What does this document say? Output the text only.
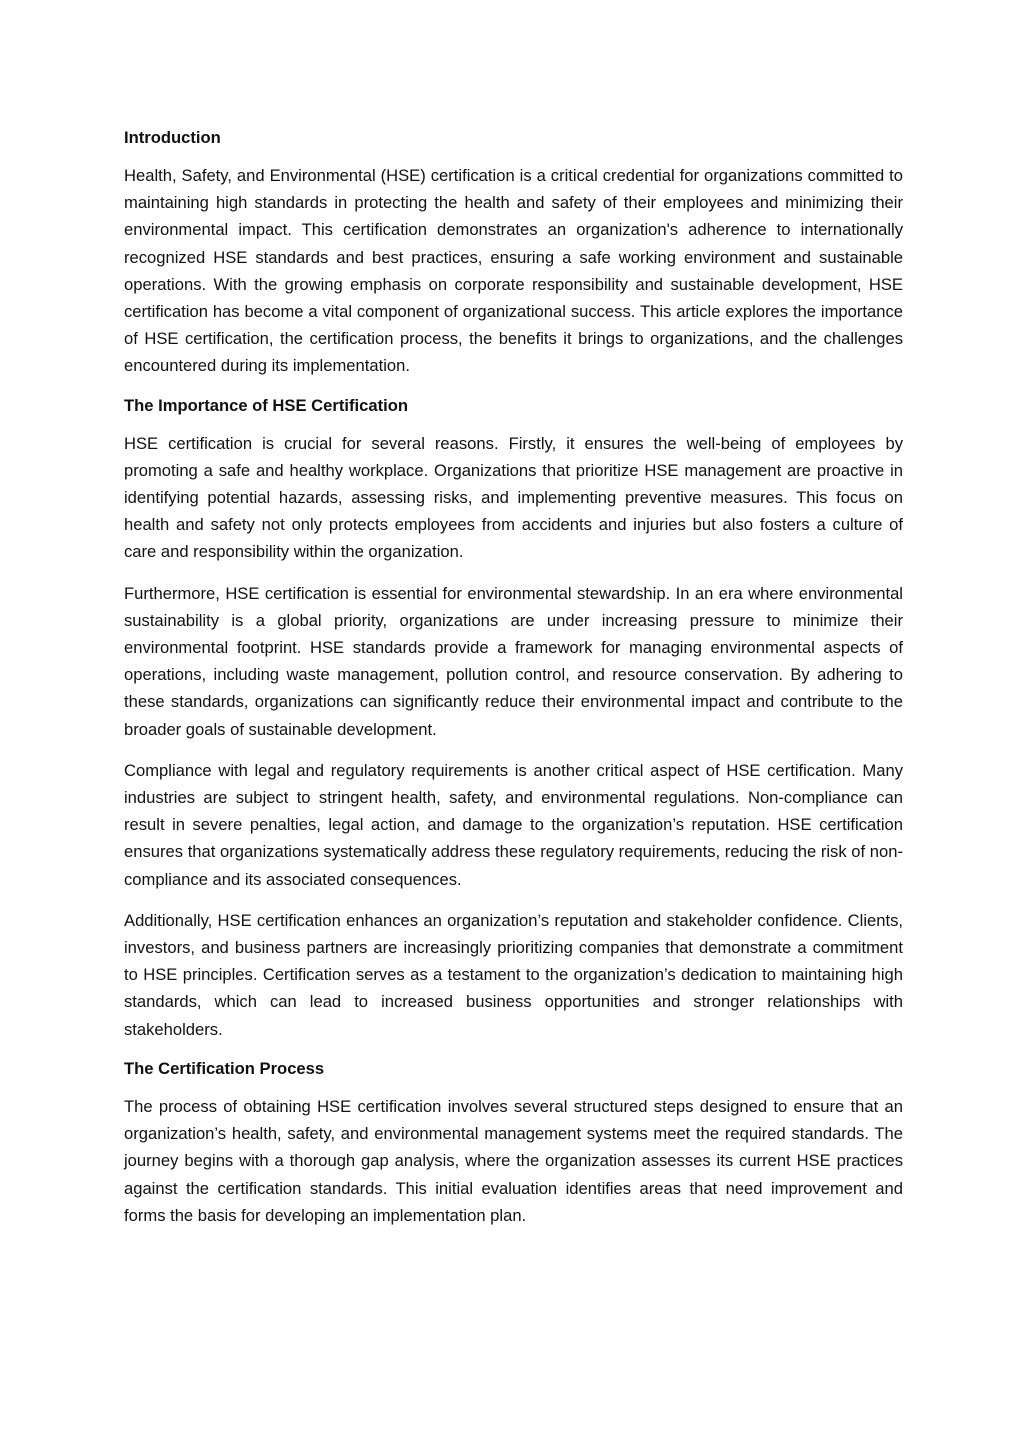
Introduction

Health, Safety, and Environmental (HSE) certification is a critical credential for organizations committed to maintaining high standards in protecting the health and safety of their employees and minimizing their environmental impact. This certification demonstrates an organization's adherence to internationally recognized HSE standards and best practices, ensuring a safe working environment and sustainable operations. With the growing emphasis on corporate responsibility and sustainable development, HSE certification has become a vital component of organizational success. This article explores the importance of HSE certification, the certification process, the benefits it brings to organizations, and the challenges encountered during its implementation.

The Importance of HSE Certification

HSE certification is crucial for several reasons. Firstly, it ensures the well-being of employees by promoting a safe and healthy workplace. Organizations that prioritize HSE management are proactive in identifying potential hazards, assessing risks, and implementing preventive measures. This focus on health and safety not only protects employees from accidents and injuries but also fosters a culture of care and responsibility within the organization.

Furthermore, HSE certification is essential for environmental stewardship. In an era where environmental sustainability is a global priority, organizations are under increasing pressure to minimize their environmental footprint. HSE standards provide a framework for managing environmental aspects of operations, including waste management, pollution control, and resource conservation. By adhering to these standards, organizations can significantly reduce their environmental impact and contribute to the broader goals of sustainable development.

Compliance with legal and regulatory requirements is another critical aspect of HSE certification. Many industries are subject to stringent health, safety, and environmental regulations. Non-compliance can result in severe penalties, legal action, and damage to the organization’s reputation. HSE certification ensures that organizations systematically address these regulatory requirements, reducing the risk of non-compliance and its associated consequences.

Additionally, HSE certification enhances an organization’s reputation and stakeholder confidence. Clients, investors, and business partners are increasingly prioritizing companies that demonstrate a commitment to HSE principles. Certification serves as a testament to the organization’s dedication to maintaining high standards, which can lead to increased business opportunities and stronger relationships with stakeholders.

The Certification Process

The process of obtaining HSE certification involves several structured steps designed to ensure that an organization’s health, safety, and environmental management systems meet the required standards. The journey begins with a thorough gap analysis, where the organization assesses its current HSE practices against the certification standards. This initial evaluation identifies areas that need improvement and forms the basis for developing an implementation plan.
